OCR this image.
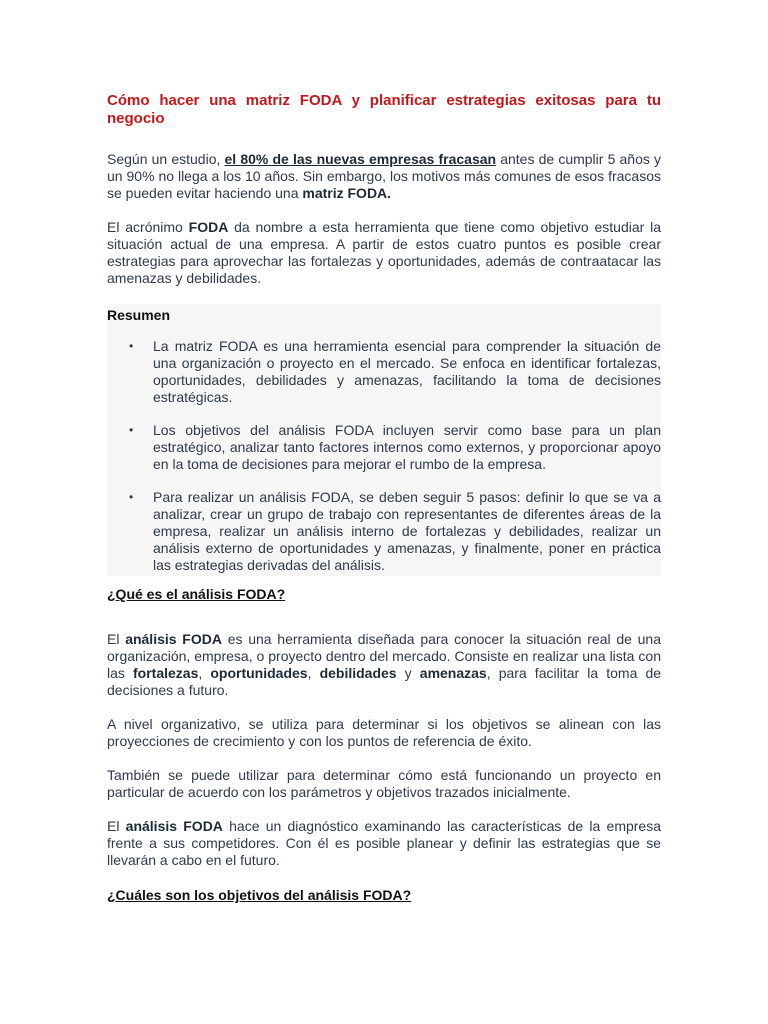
Cómo hacer una matriz FODA y planificar estrategias exitosas para tu negocio

Según un estudio, el 80% de las nuevas empresas fracasan antes de cumplir 5 años y un 90% no llega a los 10 años. Sin embargo, los motivos más comunes de esos fracasos se pueden evitar haciendo una matriz FODA.

El acrónimo FODA da nombre a esta herramienta que tiene como objetivo estudiar la situación actual de una empresa. A partir de estos cuatro puntos es posible crear estrategias para aprovechar las fortalezas y oportunidades, además de contraatacar las amenazas y debilidades.

Resumen
• La matriz FODA es una herramienta esencial para comprender la situación de una organización o proyecto en el mercado. Se enfoca en identificar fortalezas, oportunidades, debilidades y amenazas, facilitando la toma de decisiones estratégicas.
• Los objetivos del análisis FODA incluyen servir como base para un plan estratégico, analizar tanto factores internos como externos, y proporcionar apoyo en la toma de decisiones para mejorar el rumbo de la empresa.
• Para realizar un análisis FODA, se deben seguir 5 pasos: definir lo que se va a analizar, crear un grupo de trabajo con representantes de diferentes áreas de la empresa, realizar un análisis interno de fortalezas y debilidades, realizar un análisis externo de oportunidades y amenazas, y finalmente, poner en práctica las estrategias derivadas del análisis.
¿Qué es el análisis FODA?

El análisis FODA es una herramienta diseñada para conocer la situación real de una organización, empresa, o proyecto dentro del mercado. Consiste en realizar una lista con las fortalezas, oportunidades, debilidades y amenazas, para facilitar la toma de decisiones a futuro.

A nivel organizativo, se utiliza para determinar si los objetivos se alinean con las proyecciones de crecimiento y con los puntos de referencia de éxito.

También se puede utilizar para determinar cómo está funcionando un proyecto en particular de acuerdo con los parámetros y objetivos trazados inicialmente.

El análisis FODA hace un diagnóstico examinando las características de la empresa frente a sus competidores. Con él es posible planear y definir las estrategias que se llevarán a cabo en el futuro.

¿Cuáles son los objetivos del análisis FODA?
